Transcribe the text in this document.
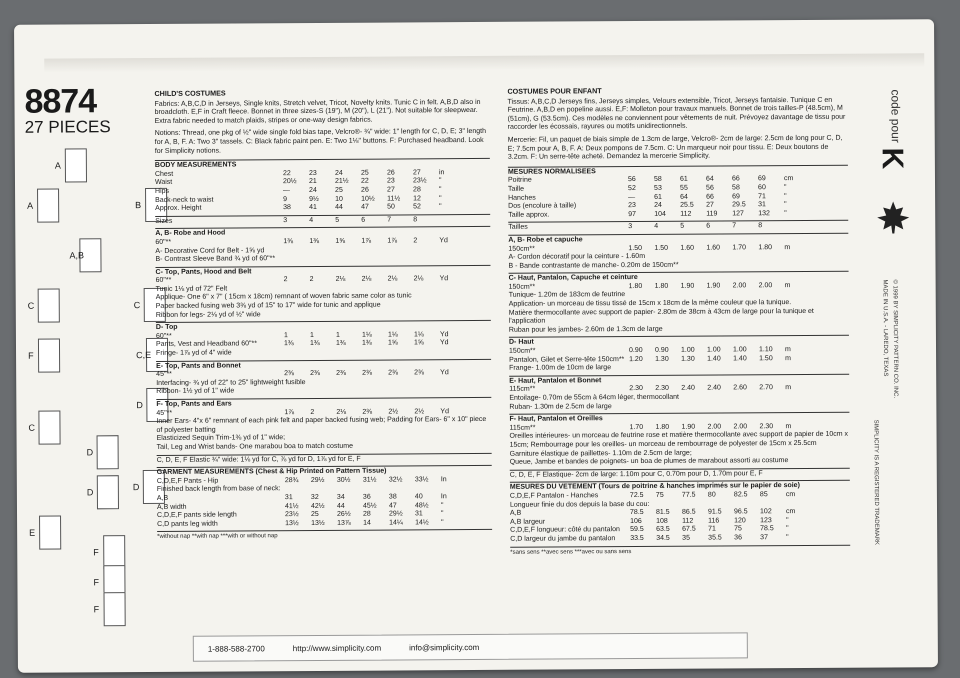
8874
27 PIECES
A
A
B
A,B
C	C
F	C,E
D
C
D
D
D
E
F
F
F
CHILD'S COSTUMES
Fabrics: A,B,C,D in Jerseys, Single knits, Stretch velvet, Tricot, Novelty knits. Tunic C in felt. A,B,D also in broadcloth. E,F in Craft fleece. Bonnet in three sizes-S (19"), M (20"), L (21"). Not suitable for sleepwear. Extra fabric needed to match plaids, stripes or one-way design fabrics.
Notions: Thread, one pkg of ½" wide single fold bias tape, Velcro®- ¾" wide: 1" length for C, D, E; 3" length for A, B, F. A: Two 3" tassels. C: Black fabric paint pen. E: Two 1⅛" buttons. F: Purchased headband. Look for Simplicity notions.
BODY MEASUREMENTS
Chest	22	23	24	25	26	27	in
Waist	20½	21	21½	22	23	23½	"
Hips	—	24	25	26	27	28	"
Back-neck to waist	9	9½	10	10½	11½	12	"
Approx. Height	38	41	44	47	50	52	"
Sizes	3	4	5	6	7	8
A, B- Robe and Hood
60"**	1⅜	1⅜	1⅝	1⅞	1⅞	2	Yd
A- Decorative Cord for Belt - 1⅝ yd
B- Contrast Sleeve Band ¾ yd of 60"**
C- Top, Pants, Hood and Belt
60"**	2	2	2⅛	2⅛	2⅛	2⅛	Yd
Tunic 1⅛ yd of 72" Felt
Applique- One 6" x 7" ( 15cm x 18cm) remnant of woven fabric same color as tunic
Paper backed fusing web 3⅜ yd of 15" to 17" wide for tunic and applique
Ribbon for legs- 2⅛ yd of ½" wide
D- Top
60"**	1	1	1	1⅛	1⅛	1⅛	Yd
Pants, Vest and Headband 60"**	1⅜	1⅜	1⅜	1⅜	1⅝	1⅝	Yd
Fringe- 1⅞ yd of 4" wide
E- Top, Pants and Bonnet
45"**	2⅜	2⅜	2⅜	2⅜	2⅜	2⅜	Yd
Interfacing- ¾ yd of 22" to 25" lightweight fusible
Ribbon- 1½ yd of 1" wide
F- Top, Pants and Ears
45"**	1⅞	2	2⅛	2⅜	2½	2½	Yd
Inner Ears- 4"x 6" remnant of each pink felt and paper backed fusing web; Padding for Ears- 6" x 10" piece of polyester batting
Elasticized Sequin Trim-1⅜ yd of 1" wide;
Tail, Leg and Wrist bands- One marabou boa to match costume
C, D, E, F Elastic ¾" wide: 1⅛ yd for C, ⅞ yd for D, 1⅞ yd for E, F
GARMENT MEASUREMENTS (Chest & Hip Printed on Pattern Tissue)
C,D,E,F Pants - Hip	28¾	29½	30½	31½	32½	33½	In
Finished back length from base of neck:
A,B	31	32	34	36	38	40	In
A,B width	41½	42½	44	45½	47	48½	"
C,D,E,F pants side length	23½	25	26½	28	29½	31	"
C,D pants leg width	13½	13½	13⅞	14	14¼	14½	"
*without nap **with nap ***with or without nap
COSTUMES POUR ENFANT
Tissus: A,B,C,D Jerseys fins, Jerseys simples, Velours extensible, Tricot, Jerseys fantaisie. Tunique C en Feutrine. A,B,D en popeline aussi. E,F: Molleton pour travaux manuels. Bonnet de trois tailles-P (48.5cm), M (51cm), G (53.5cm). Ces modèles ne conviennent pour vêtements de nuit. Prévoyez davantage de tissu pour raccorder les écossais, rayures ou motifs unidirectionnels.
Mercerie: Fil, un paquet de biais simple de 1.3cm de large, Velcro®- 2cm de large: 2.5cm de long pour C, D, E; 7.5cm pour A, B, F. A: Deux pompons de 7.5cm. C: Un marqueur noir pour tissu. E: Deux boutons de 3.2cm. F: Un serre-tête acheté. Demandez la mercerie Simplicity.
MESURES NORMALISEES
Poitrine	56	58	61	64	66	69	cm
Taille	52	53	55	56	58	60	"
Hanches	—	61	64	66	69	71	"
Dos (encolure à taille)	23	24	25.5	27	29.5	31	"
Taille approx.	97	104	112	119	127	132	"
Tailles	3	4	5	6	7	8
A, B- Robe et capuche
150cm**	1.50	1.50	1.60	1.60	1.70	1.80	m
A- Cordon décoratif pour la ceinture - 1.60m
B - Bande contrastante de manche- 0.20m de 150cm**
C- Haut, Pantalon, Capuche et ceinture
150cm**	1.80	1.80	1.90	1.90	2.00	2.00	m
Tunique- 1.20m de 183cm de feutrine
Application- un morceau de tissu tissé de 15cm x 18cm de la même couleur que la tunique.
Matière thermocollante avec support de papier- 2.80m de 38cm à 43cm de large pour la tunique et l'application
Ruban pour les jambes- 2.60m de 1.3cm de large
D- Haut
150cm**	0.90	0.90	1.00	1.00	1.00	1.10	m
Pantalon, Gilet et Serre-tête 150cm** 1.20	1.30	1.30	1.40	1.40	1.50	m
Frange- 1.00m de 10cm de large
E- Haut, Pantalon et Bonnet
115cm**	2.30	2.30	2.40	2.40	2.60	2.70	m
Entoilage- 0.70m de 55cm à 64cm léger, thermocollant
Ruban- 1.30m de 2.5cm de large
F- Haut, Pantalon et Oreilles
115cm**	1.70	1.80	1.90	2.00	2.00	2.30	m
Oreilles intérieures- un morceau de feutrine rose et matière thermocollante avec support de papier de 10cm x 15cm; Rembourrage pour les oreilles- un morceau de rembourrage de polyester de 15cm x 25.5cm
Garniture élastique de paillettes- 1.10m de 2.5cm de large;
Queue, Jambe et bandes de poignets- un boa de plumes de marabout assorti au costume
C, D, E, F Elastique- 2cm de large: 1.10m pour C, 0.70m pour D, 1.70m pour E, F
MESURES DU VETEMENT (Tours de poitrine & hanches imprimés sur le papier de soie)
C,D,E,F Pantalon - Hanches	72.5	75	77.5	80	82.5	85	cm
Longueur finie du dos depuis la base du cou:
A,B	78.5	81.5	86.5	91.5	96.5	102	cm
A,B largeur	106	108	112	116	120	123	"
C,D,E,F longueur: côté du pantalon	59.5	63.5	67.5	71	75	78.5	"
C,D largeur du jambe du pantalon	33.5	34.5	35	35.5	36	37	"
*sans sens **avec sens ***avec ou sans sens
code pour
K
© 1999 BY SIMPLICITY PATTERN CO. INC.
MADE IN U.S.A. - LAREDO, TEXAS
SIMPLICITY IS A REGISTERED TRADEMARK
1-888-588-2700	http://www.simplicity.com	info@simplicity.com
